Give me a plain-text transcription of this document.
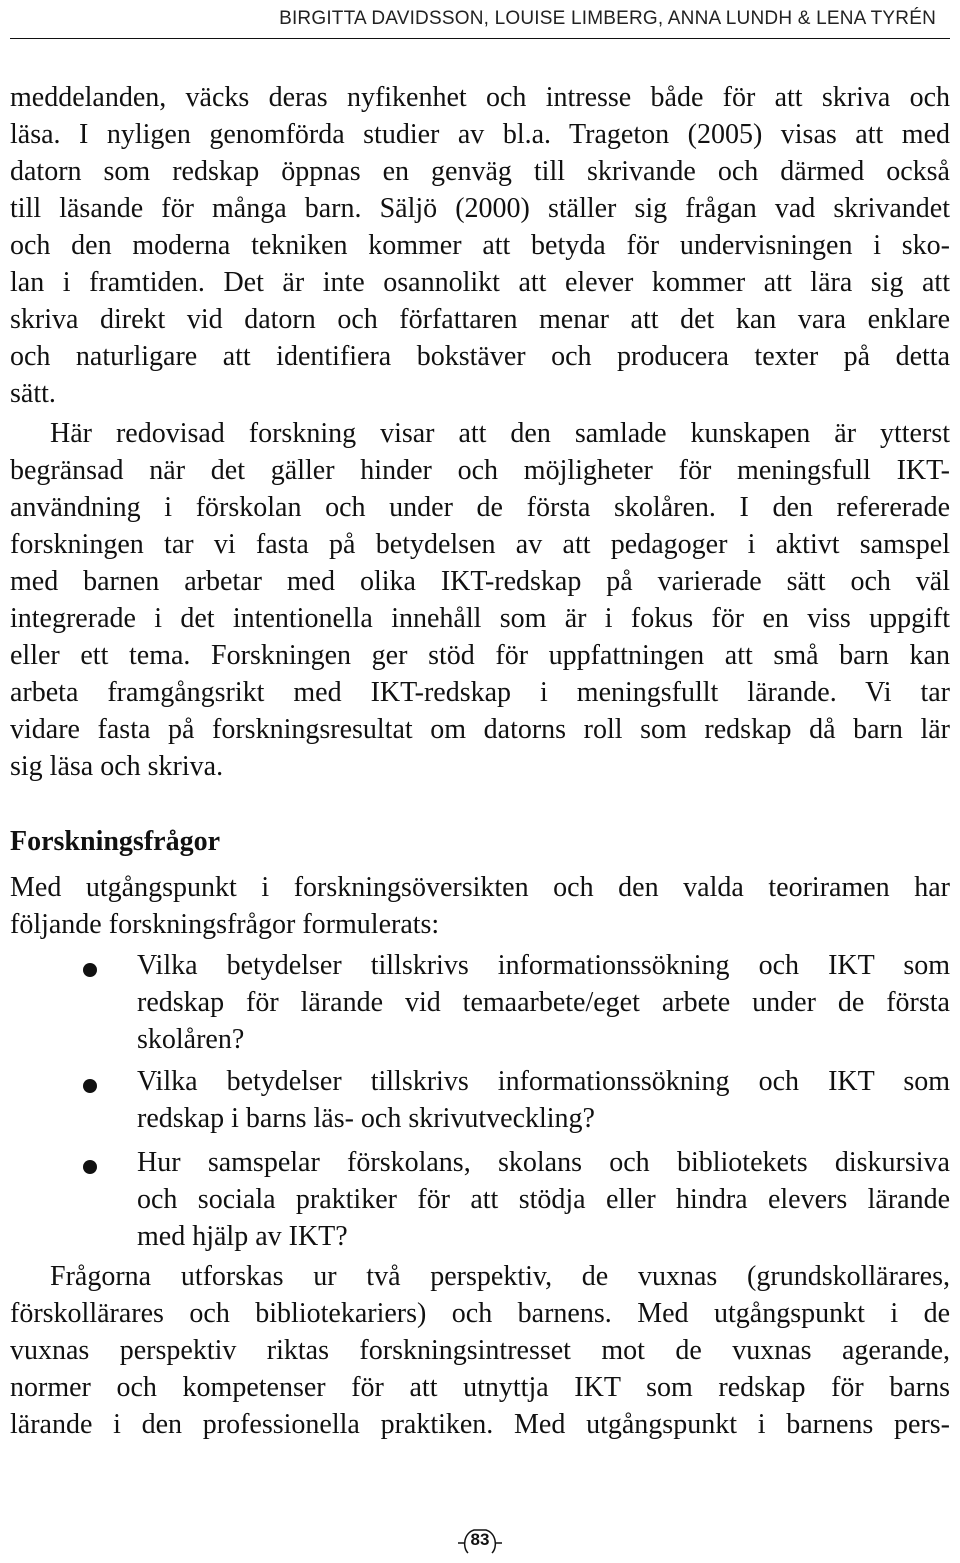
BIRGITTA DAVIDSSON, LOUISE LIMBERG, ANNA LUNDH & LENA TYRÉN
meddelanden, väcks deras nyfikenhet och intresse både för att skriva och
läsa. I nyligen genomförda studier av bl.a. Trageton (2005) visas att med
datorn som redskap öppnas en genväg till skrivande och därmed också
till läsande för många barn. Säljö (2000) ställer sig frågan vad skrivandet
och den moderna tekniken kommer att betyda för undervisningen i sko-
lan i framtiden. Det är inte osannolikt att elever kommer att lära sig att
skriva direkt vid datorn och författaren menar att det kan vara enklare
och naturligare att identifiera bokstäver och producera texter på detta
sätt.
Här redovisad forskning visar att den samlade kunskapen är ytterst
begränsad när det gäller hinder och möjligheter för meningsfull IKT-
användning i förskolan och under de första skolåren. I den refererade
forskningen tar vi fasta på betydelsen av att pedagoger i aktivt samspel
med barnen arbetar med olika IKT-redskap på varierade sätt och väl
integrerade i det intentionella innehåll som är i fokus för en viss uppgift
eller ett tema. Forskningen ger stöd för uppfattningen att små barn kan
arbeta framgångsrikt med IKT-redskap i meningsfullt lärande. Vi tar
vidare fasta på forskningsresultat om datorns roll som redskap då barn lär
sig läsa och skriva.
Forskningsfrågor
Med utgångspunkt i forskningsöversikten och den valda teoriramen har
följande forskningsfrågor formulerats:
Vilka betydelser tillskrivs informationssökning och IKT som
redskap för lärande vid temaarbete/eget arbete under de första
skolåren?
Vilka betydelser tillskrivs informationssökning och IKT som
redskap i barns läs- och skrivutveckling?
Hur samspelar förskolans, skolans och bibliotekets diskursiva
och sociala praktiker för att stödja eller hindra elevers lärande
med hjälp av IKT?
Frågorna utforskas ur två perspektiv, de vuxnas (grundskollärares,
förskollärares och bibliotekariers) och barnens. Med utgångspunkt i de
vuxnas perspektiv riktas forskningsintresset mot de vuxnas agerande,
normer och kompetenser för att utnyttja IKT som redskap för barns
lärande i den professionella praktiken. Med utgångspunkt i barnens pers-
83
